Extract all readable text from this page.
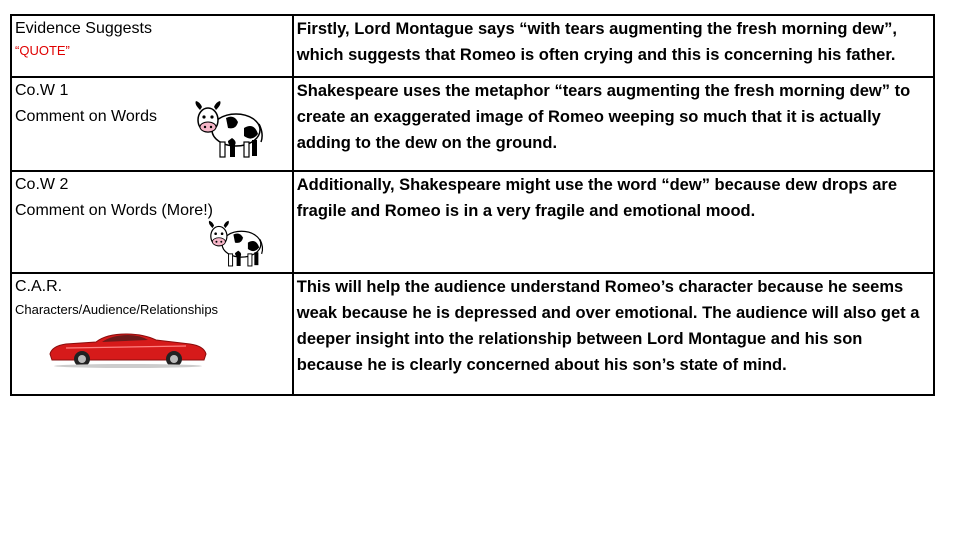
Evidence Suggests
“QUOTE”	Firstly, Lord Montague says “with tears augmenting the fresh morning dew”, which suggests that Romeo is often crying and this is concerning his father.

Co.W 1
Comment on Words	Shakespeare uses the metaphor “tears augmenting the fresh morning dew” to create an exaggerated image of Romeo weeping so much that it is actually adding to the dew on the ground.

Co.W 2
Comment on Words (More!)	Additionally, Shakespeare might use the word “dew” because dew drops are fragile and Romeo is in a very fragile and emotional mood.

C.A.R.
Characters/Audience/Relationships	This will help the audience understand Romeo’s character because he seems weak because he is depressed and over emotional. The audience will also get a deeper insight into the relationship between Lord Montague and his son because he is clearly concerned about his son’s state of mind.
